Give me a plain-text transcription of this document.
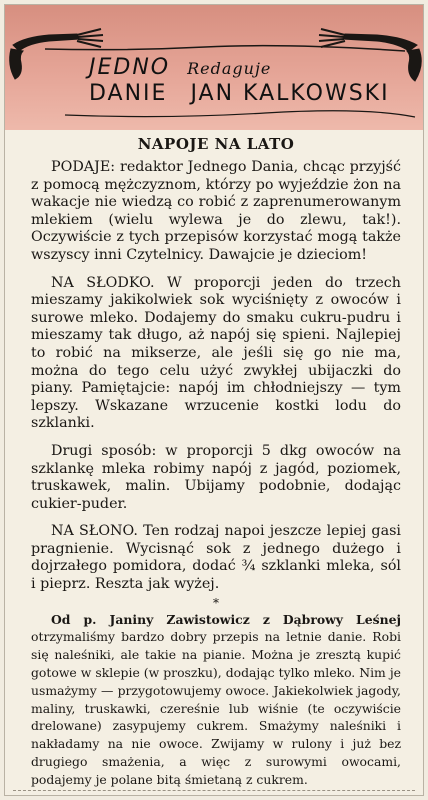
JEDNO Redaguje
DANIE JAN KALKOWSKI
NAPOJE NA LATO

PODAJE: redaktor Jednego Dania, chcąc przyjść z pomocą mężczyznom, którzy po wyjeździe żon na wakacje nie wiedzą co robić z zaprenumerowanym mlekiem (wielu wylewa je do zlewu, tak!). Oczywiście z tych przepisów korzystać mogą także wszyscy inni Czytelnicy. Dawajcie je dzieciom!

NA SŁODKO. W proporcji jeden do trzech mieszamy jakikolwiek sok wyciśnięty z owoców i surowe mleko. Dodajemy do smaku cukru-pudru i mieszamy tak długo, aż napój się spieni. Najlepiej to robić na mikserze, ale jeśli się go nie ma, można do tego celu użyć zwykłej ubijaczki do piany. Pamiętajcie: napój im chłodniejszy — tym lepszy. Wskazane wrzucenie kostki lodu do szklanki.

Drugi sposób: w proporcji 5 dkg owoców na szklankę mleka robimy napój z jagód, poziomek, truskawek, malin. Ubijamy podobnie, dodając cukier-puder.

NA SŁONO. Ten rodzaj napoi jeszcze lepiej gasi pragnienie. Wycisnąć sok z jednego dużego i dojrzałego pomidora, dodać ¾ szklanki mleka, sól i pieprz. Reszta jak wyżej.

*

Od p. Janiny Zawistowicz z Dąbrowy Leśnej otrzymaliśmy bardzo dobry przepis na letnie danie. Robi się naleśniki, ale takie na pianie. Można je zresztą kupić gotowe w sklepie (w proszku), dodając tylko mleko. Nim je usmażymy — przygotowujemy owoce. Jakiekolwiek jagody, maliny, truskawki, czereśnie lub wiśnie (te oczywiście drelowane) zasypujemy cukrem. Smażymy naleśniki i nakładamy na nie owoce. Zwijamy w rulony i już bez drugiego smażenia, a więc z surowymi owocami, podajemy je polane bitą śmietaną z cukrem.
